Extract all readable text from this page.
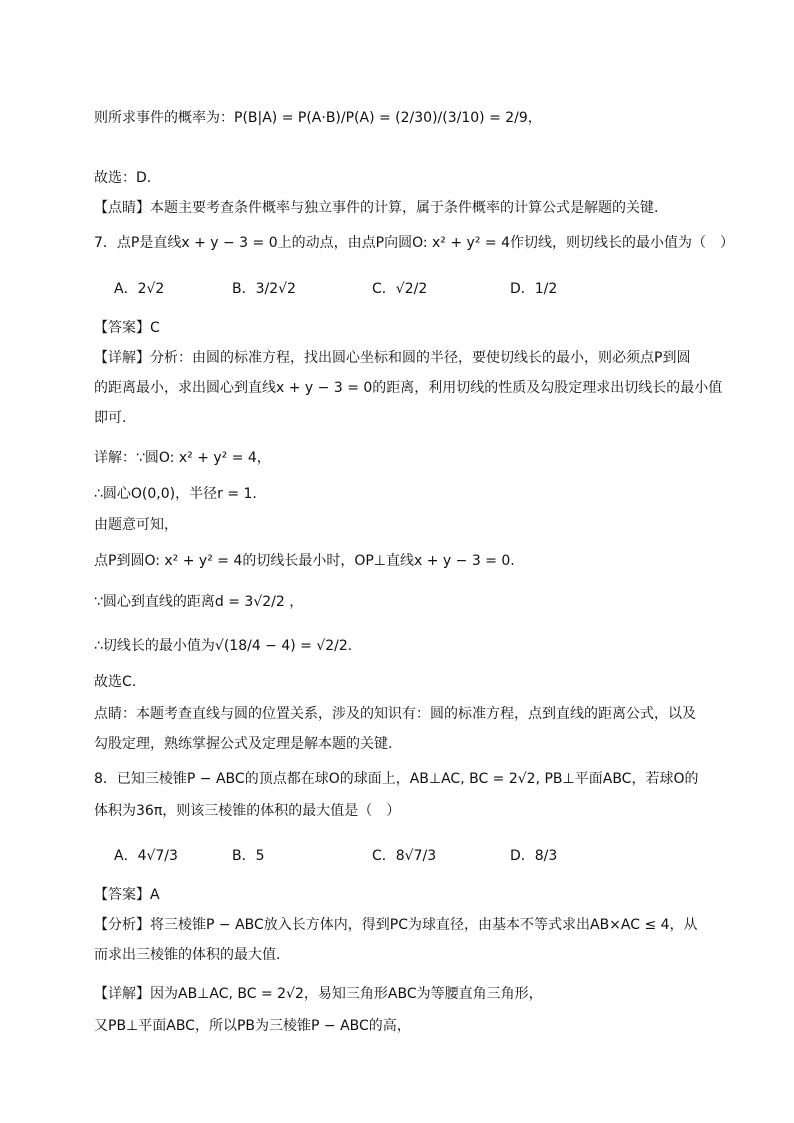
则所求事件的概率为：P(B|A) = P(A·B)/P(A) = (2/30)/(3/10) = 2/9，
故选：D.
【点睛】本题主要考查条件概率与独立事件的计算，属于条件概率的计算公式是解题的关键.
7．点P是直线x + y − 3 = 0上的动点，由点P向圆O: x² + y² = 4作切线，则切线长的最小值为（　）
A．2√2	B．3/2√2	C．√2/2	D．1/2
【答案】C
【详解】分析：由圆的标准方程，找出圆心坐标和圆的半径，要使切线长的最小，则必须点P到圆
的距离最小，求出圆心到直线x + y − 3 = 0的距离，利用切线的性质及勾股定理求出切线长的最小值
即可.
详解：∵圆O: x² + y² = 4，
∴圆心O(0,0)，半径r = 1.
由题意可知，
点P到圆O: x² + y² = 4的切线长最小时，OP⊥直线x + y − 3 = 0.
∵圆心到直线的距离d = 3√2/2 ，
∴切线长的最小值为√(18/4 − 4) = √2/2.
故选C.
点睛：本题考查直线与圆的位置关系，涉及的知识有：圆的标准方程，点到直线的距离公式，以及
勾股定理，熟练掌握公式及定理是解本题的关键.
8．已知三棱锥P − ABC的顶点都在球O的球面上，AB⊥AC, BC = 2√2, PB⊥平面ABC，若球O的
体积为36π，则该三棱锥的体积的最大值是（　）
A．4√7/3	B．5	C．8√7/3	D．8/3
【答案】A
【分析】将三棱锥P − ABC放入长方体内，得到PC为球直径，由基本不等式求出AB×AC ≤ 4，从
而求出三棱锥的体积的最大值.
【详解】因为AB⊥AC, BC = 2√2，易知三角形ABC为等腰直角三角形，
又PB⊥平面ABC，所以PB为三棱锥P − ABC的高，
